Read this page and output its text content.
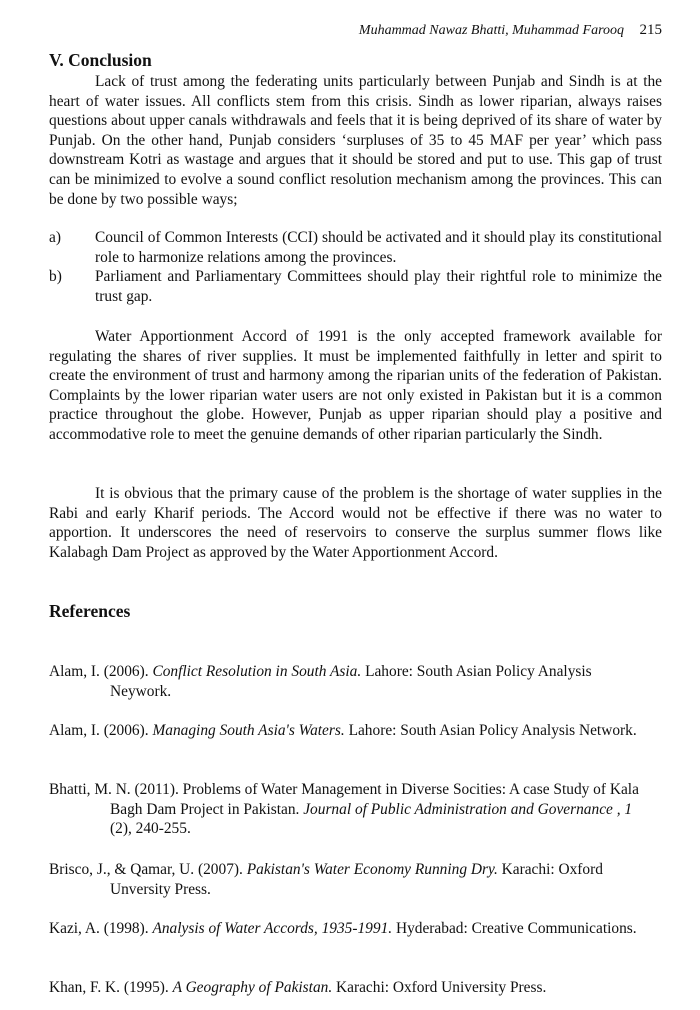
Muhammad Nawaz Bhatti, Muhammad Farooq 215
V. Conclusion

Lack of trust among the federating units particularly between Punjab and Sindh is at the heart of water issues. All conflicts stem from this crisis. Sindh as lower riparian, always raises questions about upper canals withdrawals and feels that it is being deprived of its share of water by Punjab. On the other hand, Punjab considers ‘surpluses of 35 to 45 MAF per year’ which pass downstream Kotri as wastage and argues that it should be stored and put to use. This gap of trust can be minimized to evolve a sound conflict resolution mechanism among the provinces. This can be done by two possible ways;

a)	Council of Common Interests (CCI) should be activated and it should play its constitutional role to harmonize relations among the provinces.
b)	Parliament and Parliamentary Committees should play their rightful role to minimize the trust gap.

Water Apportionment Accord of 1991 is the only accepted framework available for regulating the shares of river supplies. It must be implemented faithfully in letter and spirit to create the environment of trust and harmony among the riparian units of the federation of Pakistan. Complaints by the lower riparian water users are not only existed in Pakistan but it is a common practice throughout the globe. However, Punjab as upper riparian should play a positive and accommodative role to meet the genuine demands of other riparian particularly the Sindh.

It is obvious that the primary cause of the problem is the shortage of water supplies in the Rabi and early Kharif periods. The Accord would not be effective if there was no water to apportion. It underscores the need of reservoirs to conserve the surplus summer flows like Kalabagh Dam Project as approved by the Water Apportionment Accord.

References
Alam, I. (2006). Conflict Resolution in South Asia. Lahore: South Asian Policy Analysis Neywork.
Alam, I. (2006). Managing South Asia's Waters. Lahore: South Asian Policy Analysis Network.
Bhatti, M. N. (2011). Problems of Water Management in Diverse Socities: A case Study of Kala Bagh Dam Project in Pakistan. Journal of Public Administration and Governance , 1 (2), 240-255.
Brisco, J., & Qamar, U. (2007). Pakistan's Water Economy Running Dry. Karachi: Oxford Unversity Press.
Kazi, A. (1998). Analysis of Water Accords, 1935-1991. Hyderabad: Creative Communications.
Khan, F. K. (1995). A Geography of Pakistan. Karachi: Oxford University Press.
